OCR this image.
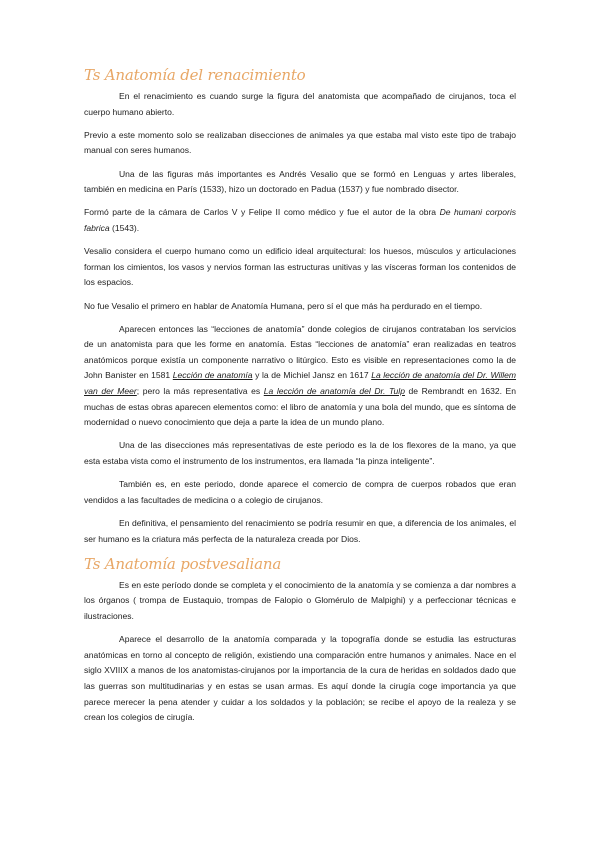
Ts Anatomía del renacimiento

En el renacimiento es cuando surge la figura del anatomista que acompañado de cirujanos, toca el cuerpo humano abierto.

Previo a este momento solo se realizaban disecciones de animales ya que estaba mal visto este tipo de trabajo manual con seres humanos.

Una de las figuras más importantes es Andrés Vesalio que se formó en Lenguas y artes liberales, también en medicina en París (1533), hizo un doctorado en Padua (1537) y fue nombrado disector.

Formó parte de la cámara de Carlos V y Felipe II como médico y fue el autor de la obra De humani corporis fabrica (1543).

Vesalio considera el cuerpo humano como un edificio ideal arquitectural: los huesos, músculos y articulaciones forman los cimientos, los vasos y nervios forman las estructuras unitivas y las vísceras forman los contenidos de los espacios.

No fue Vesalio el primero en hablar de Anatomía Humana, pero sí el que más ha perdurado en el tiempo.

Aparecen entonces las “lecciones de anatomía” donde colegios de cirujanos contrataban los servicios de un anatomista para que les forme en anatomía. Estas “lecciones de anatomía” eran realizadas en teatros anatómicos porque existía un componente narrativo o litúrgico. Esto es visible en representaciones como la de John Banister en 1581 Lección de anatomía y la de Michiel Jansz en 1617 La lección de anatomía del Dr. Willem van der Meer; pero la más representativa es La lección de anatomía del Dr. Tulp de Rembrandt en 1632. En muchas de estas obras aparecen elementos como: el libro de anatomía y una bola del mundo, que es síntoma de modernidad o nuevo conocimiento que deja a parte la idea de un mundo plano.

Una de las disecciones más representativas de este periodo es la de los flexores de la mano, ya que esta estaba vista como el instrumento de los instrumentos, era llamada “la pinza inteligente”.

También es, en este periodo, donde aparece el comercio de compra de cuerpos robados que eran vendidos a las facultades de medicina o a colegio de cirujanos.

En definitiva, el pensamiento del renacimiento se podría resumir en que, a diferencia de los animales, el ser humano es la criatura más perfecta de la naturaleza creada por Dios.

Ts Anatomía postvesaliana

Es en este período donde se completa y el conocimiento de la anatomía y se comienza a dar nombres a los órganos ( trompa de Eustaquio, trompas de Falopio o Glomérulo de Malpighi) y a perfeccionar técnicas e ilustraciones.

Aparece el desarrollo de la anatomía comparada y la topografía donde se estudia las estructuras anatómicas en torno al concepto de religión, existiendo una comparación entre humanos y animales. Nace en el siglo XVIIIX a manos de los anatomistas-cirujanos por la importancia de la cura de heridas en soldados dado que las guerras son multitudinarias y en estas se usan armas. Es aquí donde la cirugía coge importancia ya que parece merecer la pena atender y cuidar a los soldados y la población; se recibe el apoyo de la realeza y se crean los colegios de cirugía.
